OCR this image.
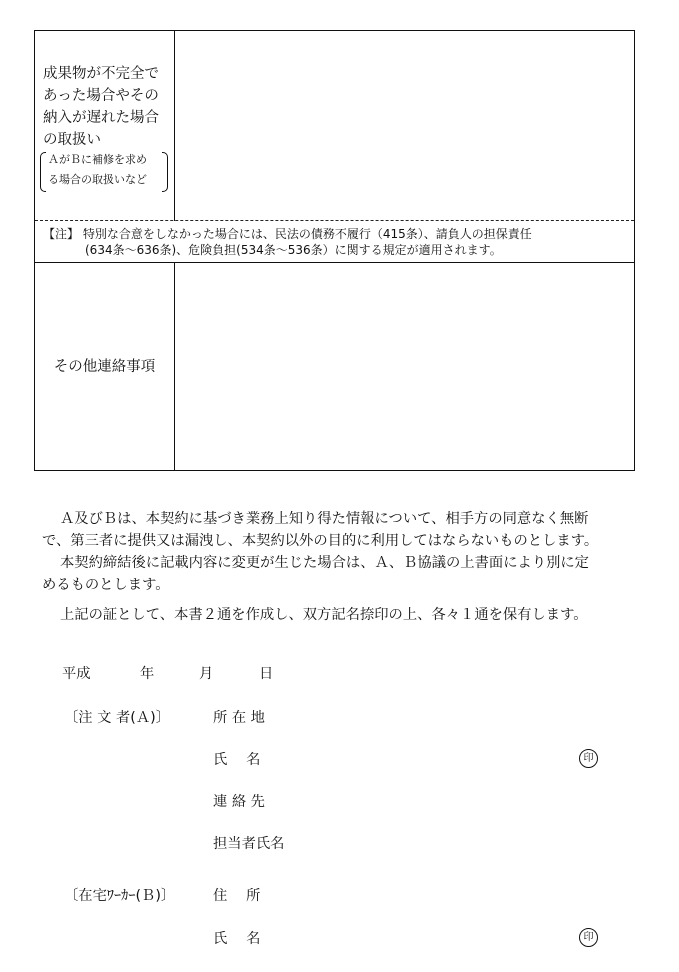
成果物が不完全で
あった場合やその
納入が遅れた場合
の取扱い
ＡがＢに補修を求め
る場合の取扱いなど
【注】 特別な合意をしなかった場合には、民法の債務不履行（415条）、請負人の担保責任
(634条～636条)、危険負担(534条～536条）に関する規定が適用されます。
その他連絡事項
Ａ及びＢは、本契約に基づき業務上知り得た情報について、相手方の同意なく無断
で、第三者に提供又は漏洩し、本契約以外の目的に利用してはならないものとします。
本契約締結後に記載内容に変更が生じた場合は、Ａ、Ｂ協議の上書面により別に定
めるものとします。
上記の証として、本書２通を作成し、双方記名捺印の上、各々１通を保有します。
平成	年	月	日
〔注 文 者(Ａ)〕	所 在 地
氏　 名	印
連 絡 先
担当者氏名
〔在宅ﾜｰｶｰ(Ｂ)〕	住　 所
氏　 名	印
